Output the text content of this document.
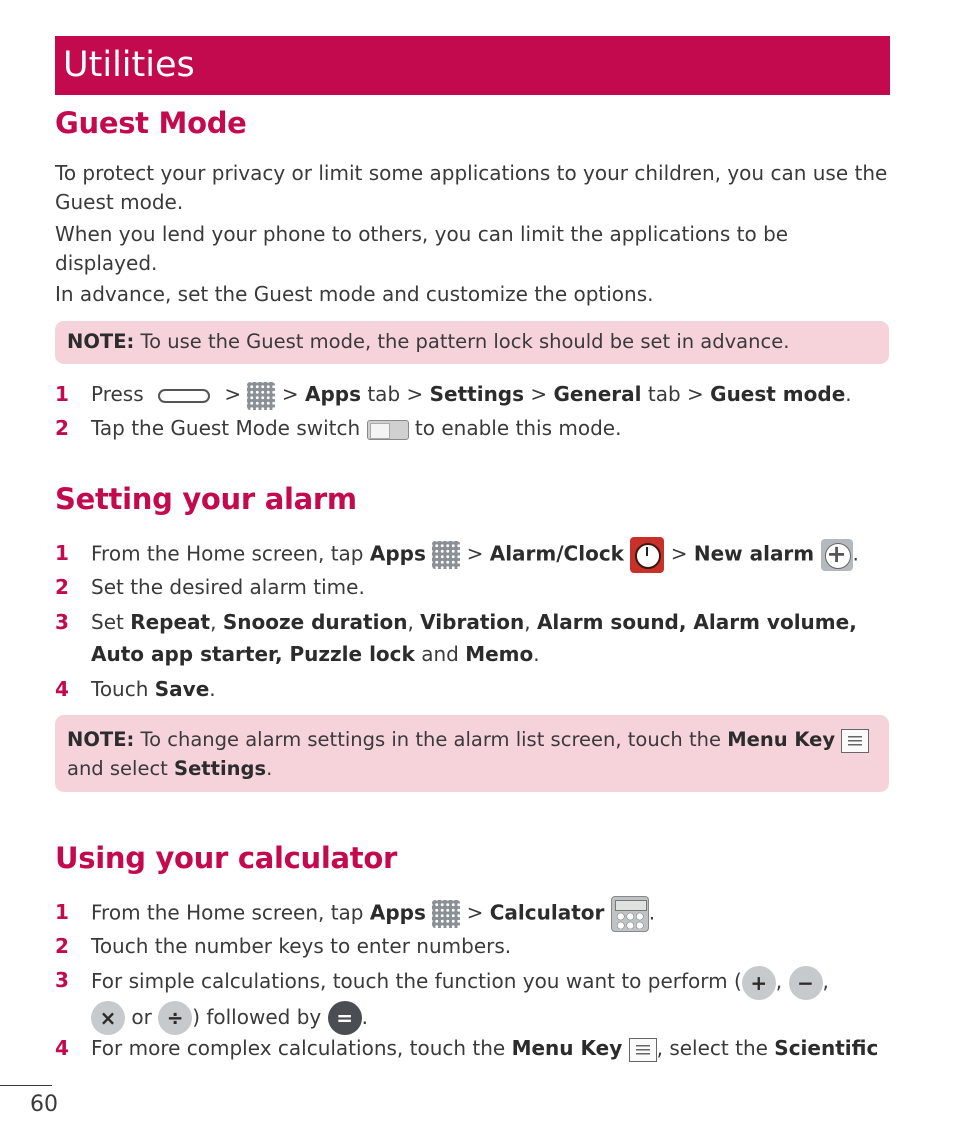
Utilities
Guest Mode

To protect your privacy or limit some applications to your children, you can use the Guest mode.

When you lend your phone to others, you can limit the applications to be displayed.

In advance, set the Guest mode and customize the options.

NOTE: To use the Guest mode, the pattern lock should be set in advance.
1	Press	> > Apps tab > Settings > General tab > Guest mode.
2	Tap the Guest Mode switch	to enable this mode.
Setting your alarm
1	From the Home screen, tap Apps > Alarm/Clock > New alarm + .
2	Set the desired alarm time.
3	Set Repeat, Snooze duration, Vibration, Alarm sound, Alarm volume, Auto app starter, Puzzle lock and Memo.
4	Touch Save.
NOTE: To change alarm settings in the alarm list screen, touch the Menu Key
and select Settings.
Using your calculator
1	From the Home screen, tap Apps > Calculator .
2	Touch the number keys to enter numbers.
3	For simple calculations, touch the function you want to perform ( + , − ,
× or ÷ ) followed by = .
4	For more complex calculations, touch the Menu Key , select the Scientific
60
